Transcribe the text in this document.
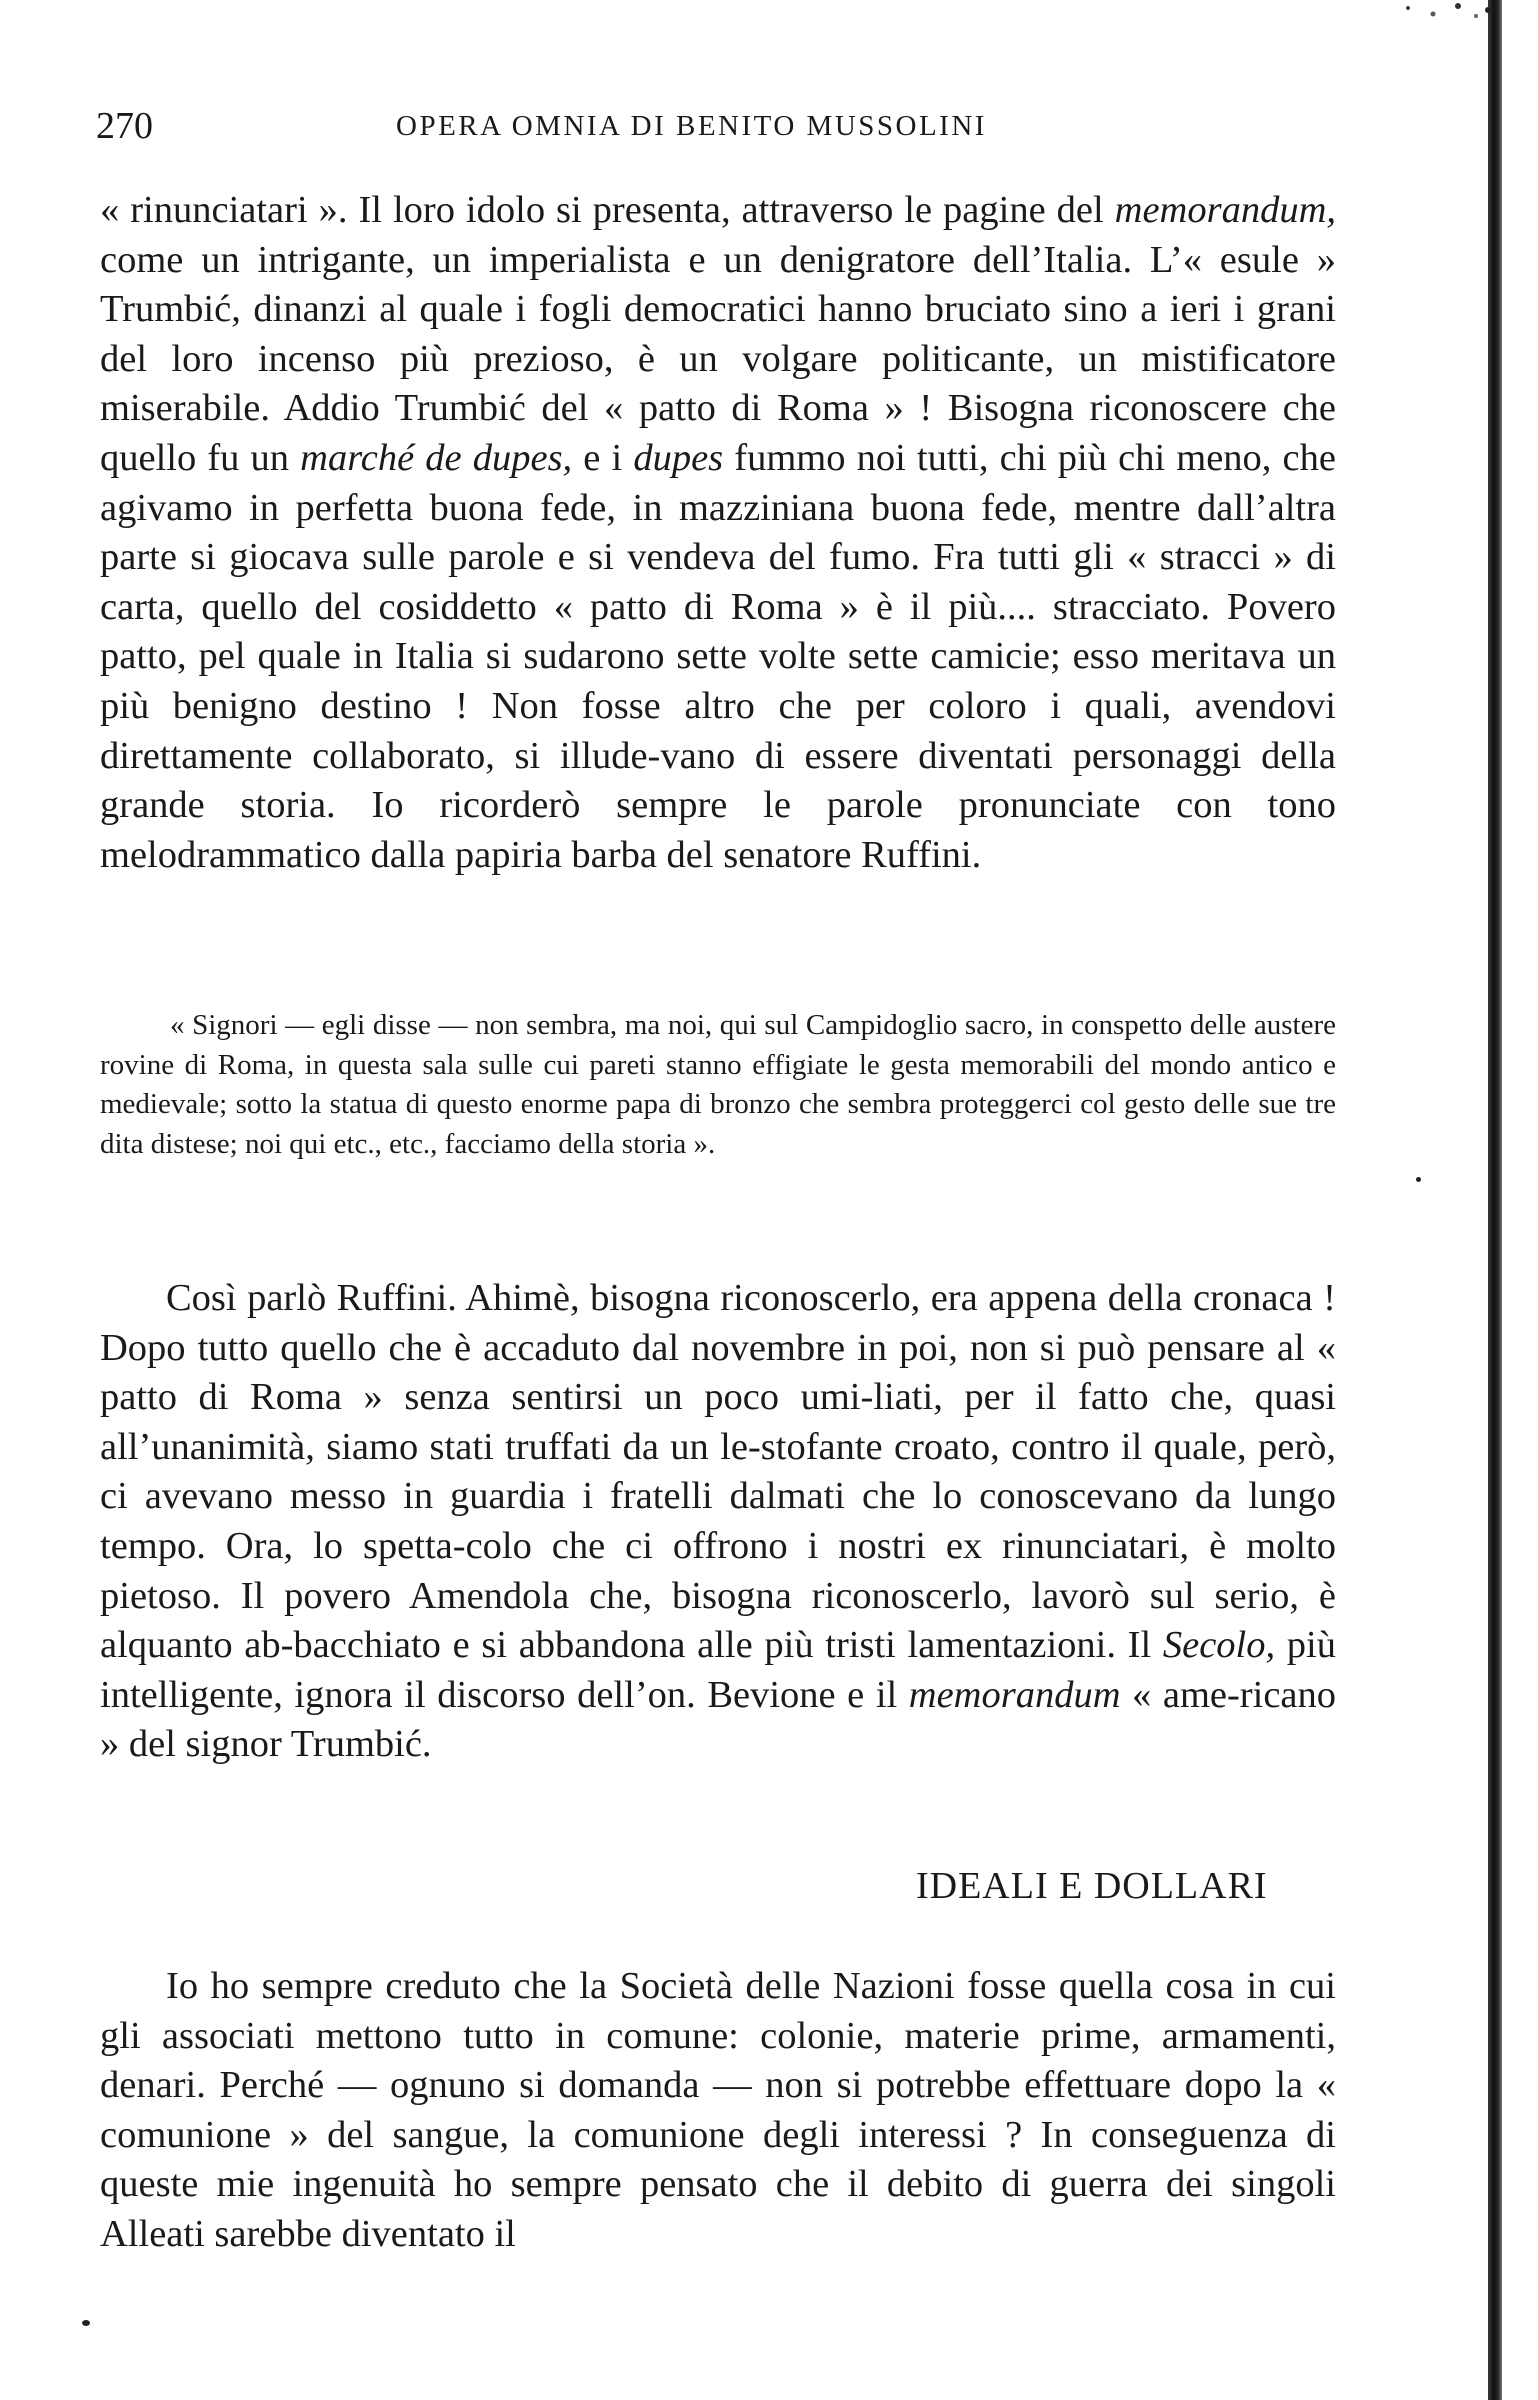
270	OPERA OMNIA DI BENITO MUSSOLINI

« rinunciatari ». Il loro idolo si presenta, attraverso le pagine del memorandum, come un intrigante, un imperialista e un denigratore dell’Italia. L’« esule » Trumbić, dinanzi al quale i fogli democratici hanno bruciato sino a ieri i grani del loro incenso più prezioso, è un volgare politicante, un mistificatore miserabile. Addio Trumbić del « patto di Roma » ! Bisogna riconoscere che quello fu un marché de dupes, e i dupes fummo noi tutti, chi più chi meno, che agivamo in perfetta buona fede, in mazziniana buona fede, mentre dall’altra parte si giocava sulle parole e si vendeva del fumo. Fra tutti gli « stracci » di carta, quello del cosiddetto « patto di Roma » è il più.... stracciato. Povero patto, pel quale in Italia si sudarono sette volte sette camicie; esso meritava un più benigno destino ! Non fosse altro che per coloro i quali, avendovi direttamente collaborato, si illude-vano di essere diventati personaggi della grande storia. Io ricorderò sempre le parole pronunciate con tono melodrammatico dalla papiria barba del senatore Ruffini.

« Signori — egli disse — non sembra, ma noi, qui sul Campidoglio sacro, in conspetto delle austere rovine di Roma, in questa sala sulle cui pareti stanno effigiate le gesta memorabili del mondo antico e medievale; sotto la statua di questo enorme papa di bronzo che sembra proteggerci col gesto delle sue tre dita distese; noi qui etc., etc., facciamo della storia ».

Così parlò Ruffini. Ahimè, bisogna riconoscerlo, era appena della cronaca ! Dopo tutto quello che è accaduto dal novembre in poi, non si può pensare al « patto di Roma » senza sentirsi un poco umi-liati, per il fatto che, quasi all’unanimità, siamo stati truffati da un le-stofante croato, contro il quale, però, ci avevano messo in guardia i fratelli dalmati che lo conoscevano da lungo tempo. Ora, lo spetta-colo che ci offrono i nostri ex rinunciatari, è molto pietoso. Il povero Amendola che, bisogna riconoscerlo, lavorò sul serio, è alquanto ab-bacchiato e si abbandona alle più tristi lamentazioni. Il Secolo, più intelligente, ignora il discorso dell’on. Bevione e il memorandum « ame-ricano » del signor Trumbić.

IDEALI E DOLLARI

Io ho sempre creduto che la Società delle Nazioni fosse quella cosa in cui gli associati mettono tutto in comune: colonie, materie prime, armamenti, denari. Perché — ognuno si domanda — non si potrebbe effettuare dopo la « comunione » del sangue, la comunione degli interessi ? In conseguenza di queste mie ingenuità ho sempre pensato che il debito di guerra dei singoli Alleati sarebbe diventato il
